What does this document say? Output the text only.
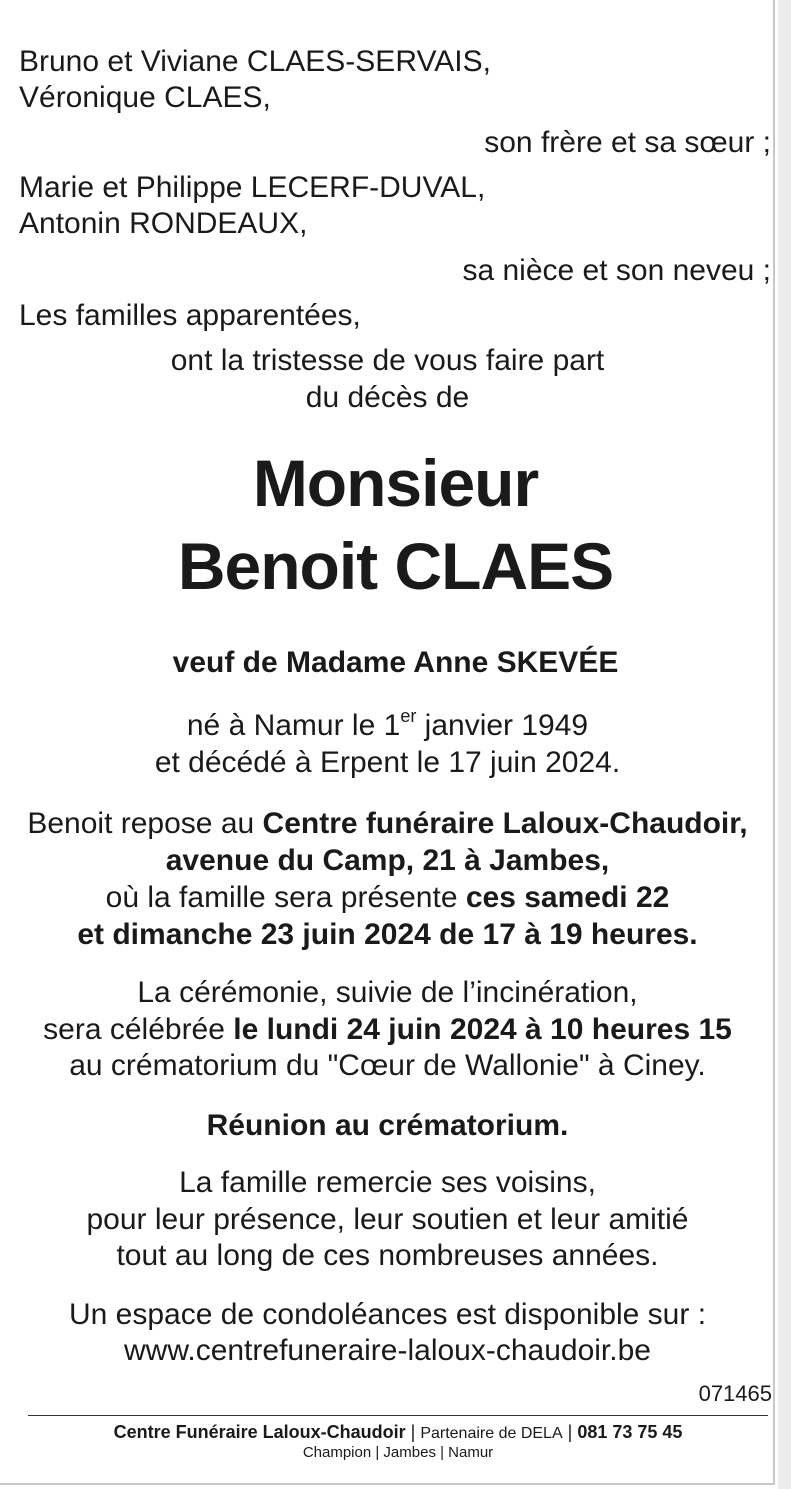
Bruno et Viviane CLAES-SERVAIS,
Véronique CLAES,
son frère et sa sœur ;
Marie et Philippe LECERF-DUVAL,
Antonin RONDEAUX,
sa nièce et son neveu ;
Les familles apparentées,
ont la tristesse de vous faire part
du décès de
Monsieur
Benoit CLAES
veuf de Madame Anne SKEVÉE
né à Namur le 1er janvier 1949
et décédé à Erpent le 17 juin 2024.
Benoit repose au Centre funéraire Laloux-Chaudoir,
avenue du Camp, 21 à Jambes,
où la famille sera présente ces samedi 22
et dimanche 23 juin 2024 de 17 à 19 heures.
La cérémonie, suivie de l’incinération,
sera célébrée le lundi 24 juin 2024 à 10 heures 15
au crématorium du "Cœur de Wallonie" à Ciney.
Réunion au crématorium.
La famille remercie ses voisins,
pour leur présence, leur soutien et leur amitié
tout au long de ces nombreuses années.
Un espace de condoléances est disponible sur :
www.centrefuneraire-laloux-chaudoir.be
071465
Centre Funéraire Laloux-Chaudoir | Partenaire de DELA | 081 73 75 45
Champion | Jambes | Namur
